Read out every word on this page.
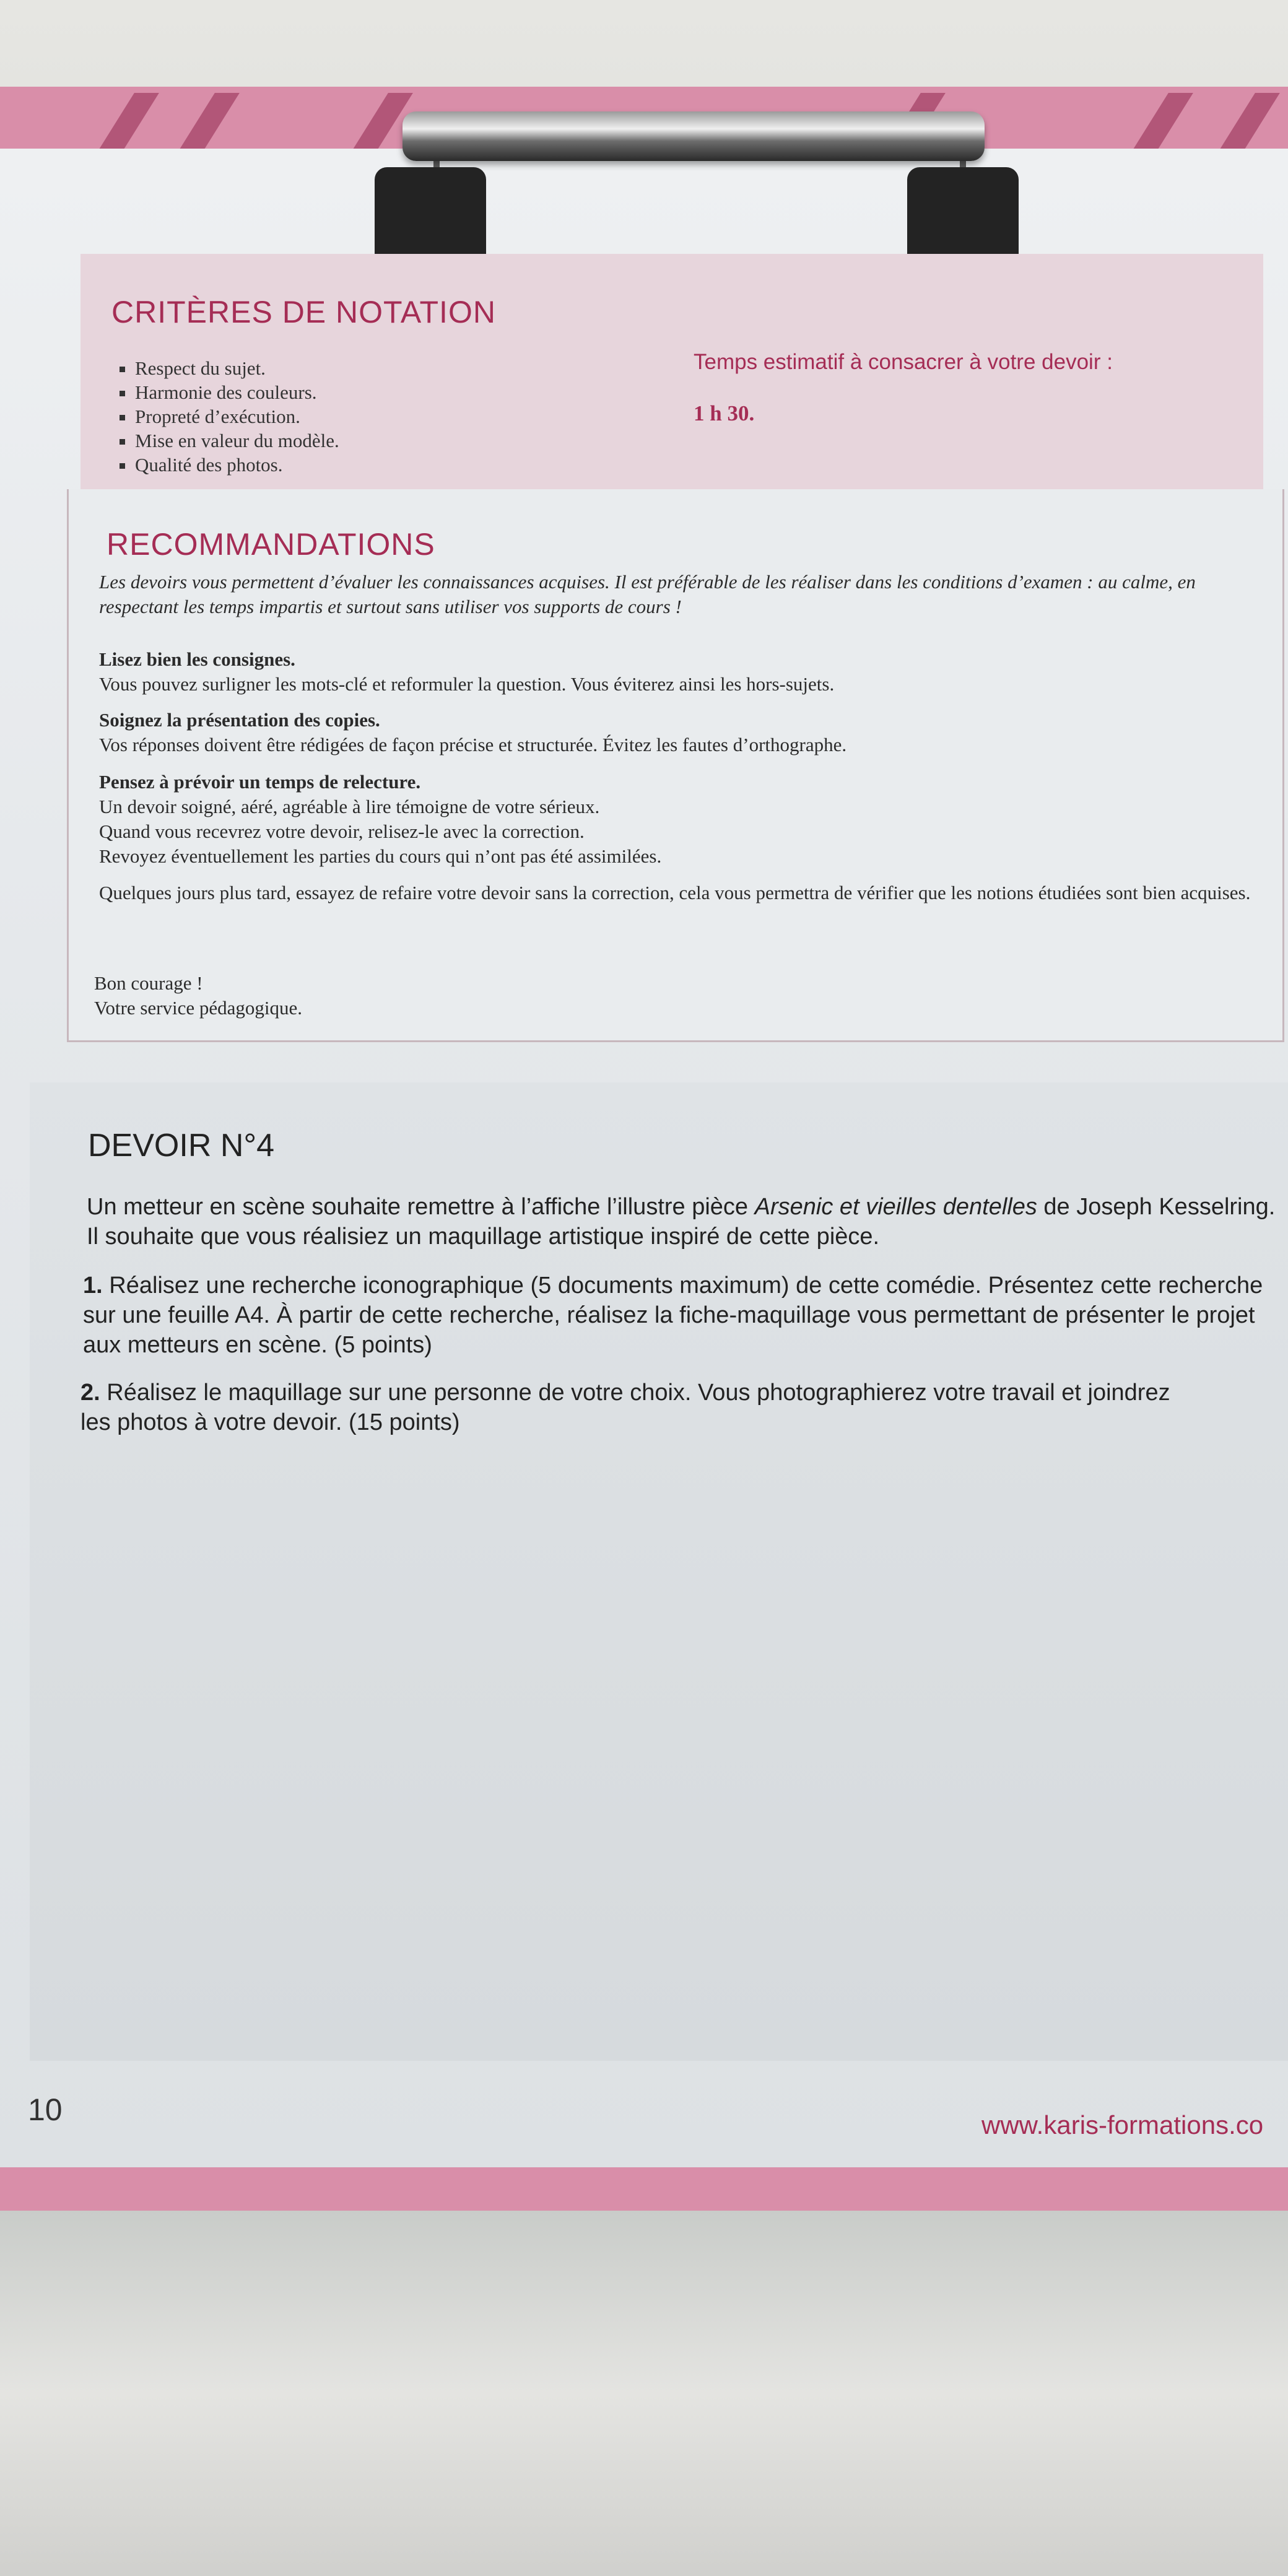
CRITÈRES DE NOTATION
▪ Respect du sujet.
▪ Harmonie des couleurs.
▪ Propreté d’exécution.
▪ Mise en valeur du modèle.
▪ Qualité des photos.
Temps estimatif à consacrer à votre devoir :
1 h 30.
RECOMMANDATIONS

Les devoirs vous permettent d’évaluer les connaissances acquises. Il est préférable de les réaliser dans les conditions d’examen : au calme, en respectant les temps impartis et surtout sans utiliser vos supports de cours !

Lisez bien les consignes.
Vous pouvez surligner les mots-clé et reformuler la question. Vous éviterez ainsi les hors-sujets.

Soignez la présentation des copies.
Vos réponses doivent être rédigées de façon précise et structurée. Évitez les fautes d’orthographe.

Pensez à prévoir un temps de relecture.
Un devoir soigné, aéré, agréable à lire témoigne de votre sérieux.
Quand vous recevrez votre devoir, relisez-le avec la correction.
Revoyez éventuellement les parties du cours qui n’ont pas été assimilées.

Quelques jours plus tard, essayez de refaire votre devoir sans la correction, cela vous permettra de vérifier que les notions étudiées sont bien acquises.

Bon courage !
Votre service pédagogique.

DEVOIR N°4

Un metteur en scène souhaite remettre à l’affiche l’illustre pièce Arsenic et vieilles dentelles de Joseph Kesselring. Il souhaite que vous réalisiez un maquillage artistique inspiré de cette pièce.

1. Réalisez une recherche iconographique (5 documents maximum) de cette comédie. Présentez cette recherche sur une feuille A4. À partir de cette recherche, réalisez la fiche-maquillage vous permettant de présenter le projet aux metteurs en scène. (5 points)

2. Réalisez le maquillage sur une personne de votre choix. Vous photographierez votre travail et joindrez les photos à votre devoir. (15 points)

10	www.karis-formations.co
